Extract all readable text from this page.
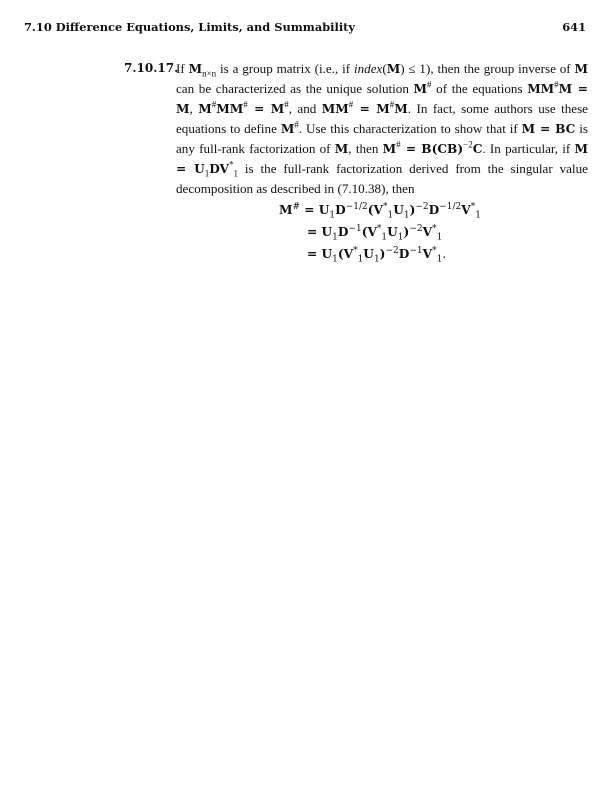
7.10 Difference Equations, Limits, and Summability	641
7.10.17.
If $M_{n\times n}$ is a group matrix (i.e., if index(M) ≤ 1), then the group inverse of M can be characterized as the unique solution M# of the equations MM#M = M, M#MM# = M#, and MM# = M#M. In fact, some authors use these equations to define M#. Use this characterization to show that if M = BC is any full-rank factorization of M, then M# = B(CB)$^{-2}$C. In particular, if $M = U_1DV^*_1$ is the full-rank factorization derived from the singular value decomposition as described in (7.10.38), then
$M^{\#} = U_1D^{-1/2}(V^*_1U_1)^{-2}D^{-1/2}V^*_1$
= $U_1D^{-1}(V^*_1U_1)^{-2}V^*_1$
= $U_1(V^*_1U_1)^{-2}D^{-1}V^*_1$.
